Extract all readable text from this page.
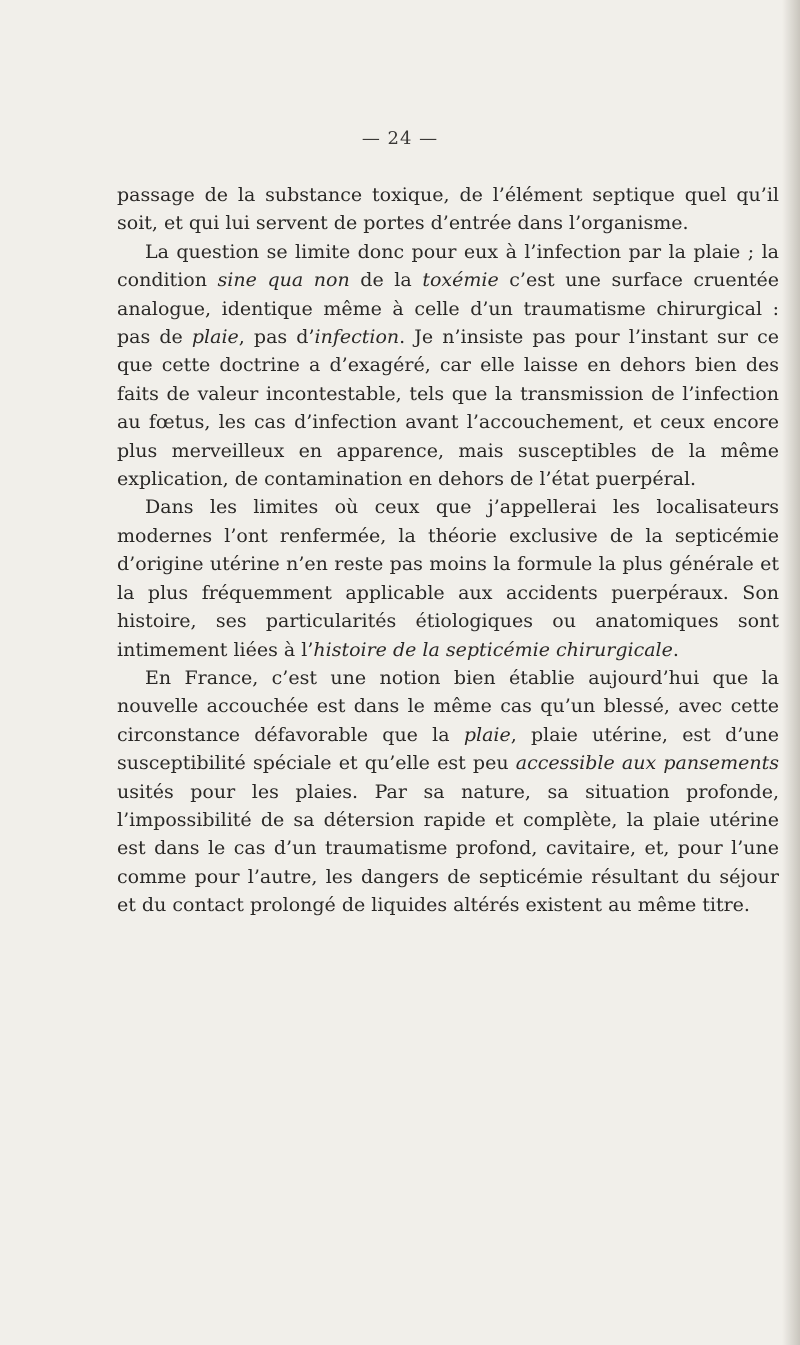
— 24 —

passage de la substance toxique, de l’élément septique quel qu’il soit, et qui lui servent de portes d’entrée dans l’organisme.

La question se limite donc pour eux à l’infection par la plaie ; la condition sine qua non de la toxémie c’est une surface cruentée analogue, identique même à celle d’un traumatisme chirurgical : pas de plaie, pas d’infection. Je n’insiste pas pour l’instant sur ce que cette doctrine a d’exagéré, car elle laisse en dehors bien des faits de valeur incontestable, tels que la transmission de l’infection au fœtus, les cas d’infection avant l’accouchement, et ceux encore plus merveilleux en apparence, mais susceptibles de la même explication, de contamination en dehors de l’état puerpéral.

Dans les limites où ceux que j’appellerai les localisateurs modernes l’ont renfermée, la théorie exclusive de la septicémie d’origine utérine n’en reste pas moins la formule la plus générale et la plus fréquemment applicable aux accidents puerpéraux. Son histoire, ses particularités étiologiques ou anatomiques sont intimement liées à l’histoire de la septicémie chirurgicale.

En France, c’est une notion bien établie aujourd’hui que la nouvelle accouchée est dans le même cas qu’un blessé, avec cette circonstance défavorable que la plaie, plaie utérine, est d’une susceptibilité spéciale et qu’elle est peu accessible aux pansements usités pour les plaies. Par sa nature, sa situation profonde, l’impossibilité de sa détersion rapide et complète, la plaie utérine est dans le cas d’un traumatisme profond, cavitaire, et, pour l’une comme pour l’autre, les dangers de septicémie résultant du séjour et du contact prolongé de liquides altérés existent au même titre.
